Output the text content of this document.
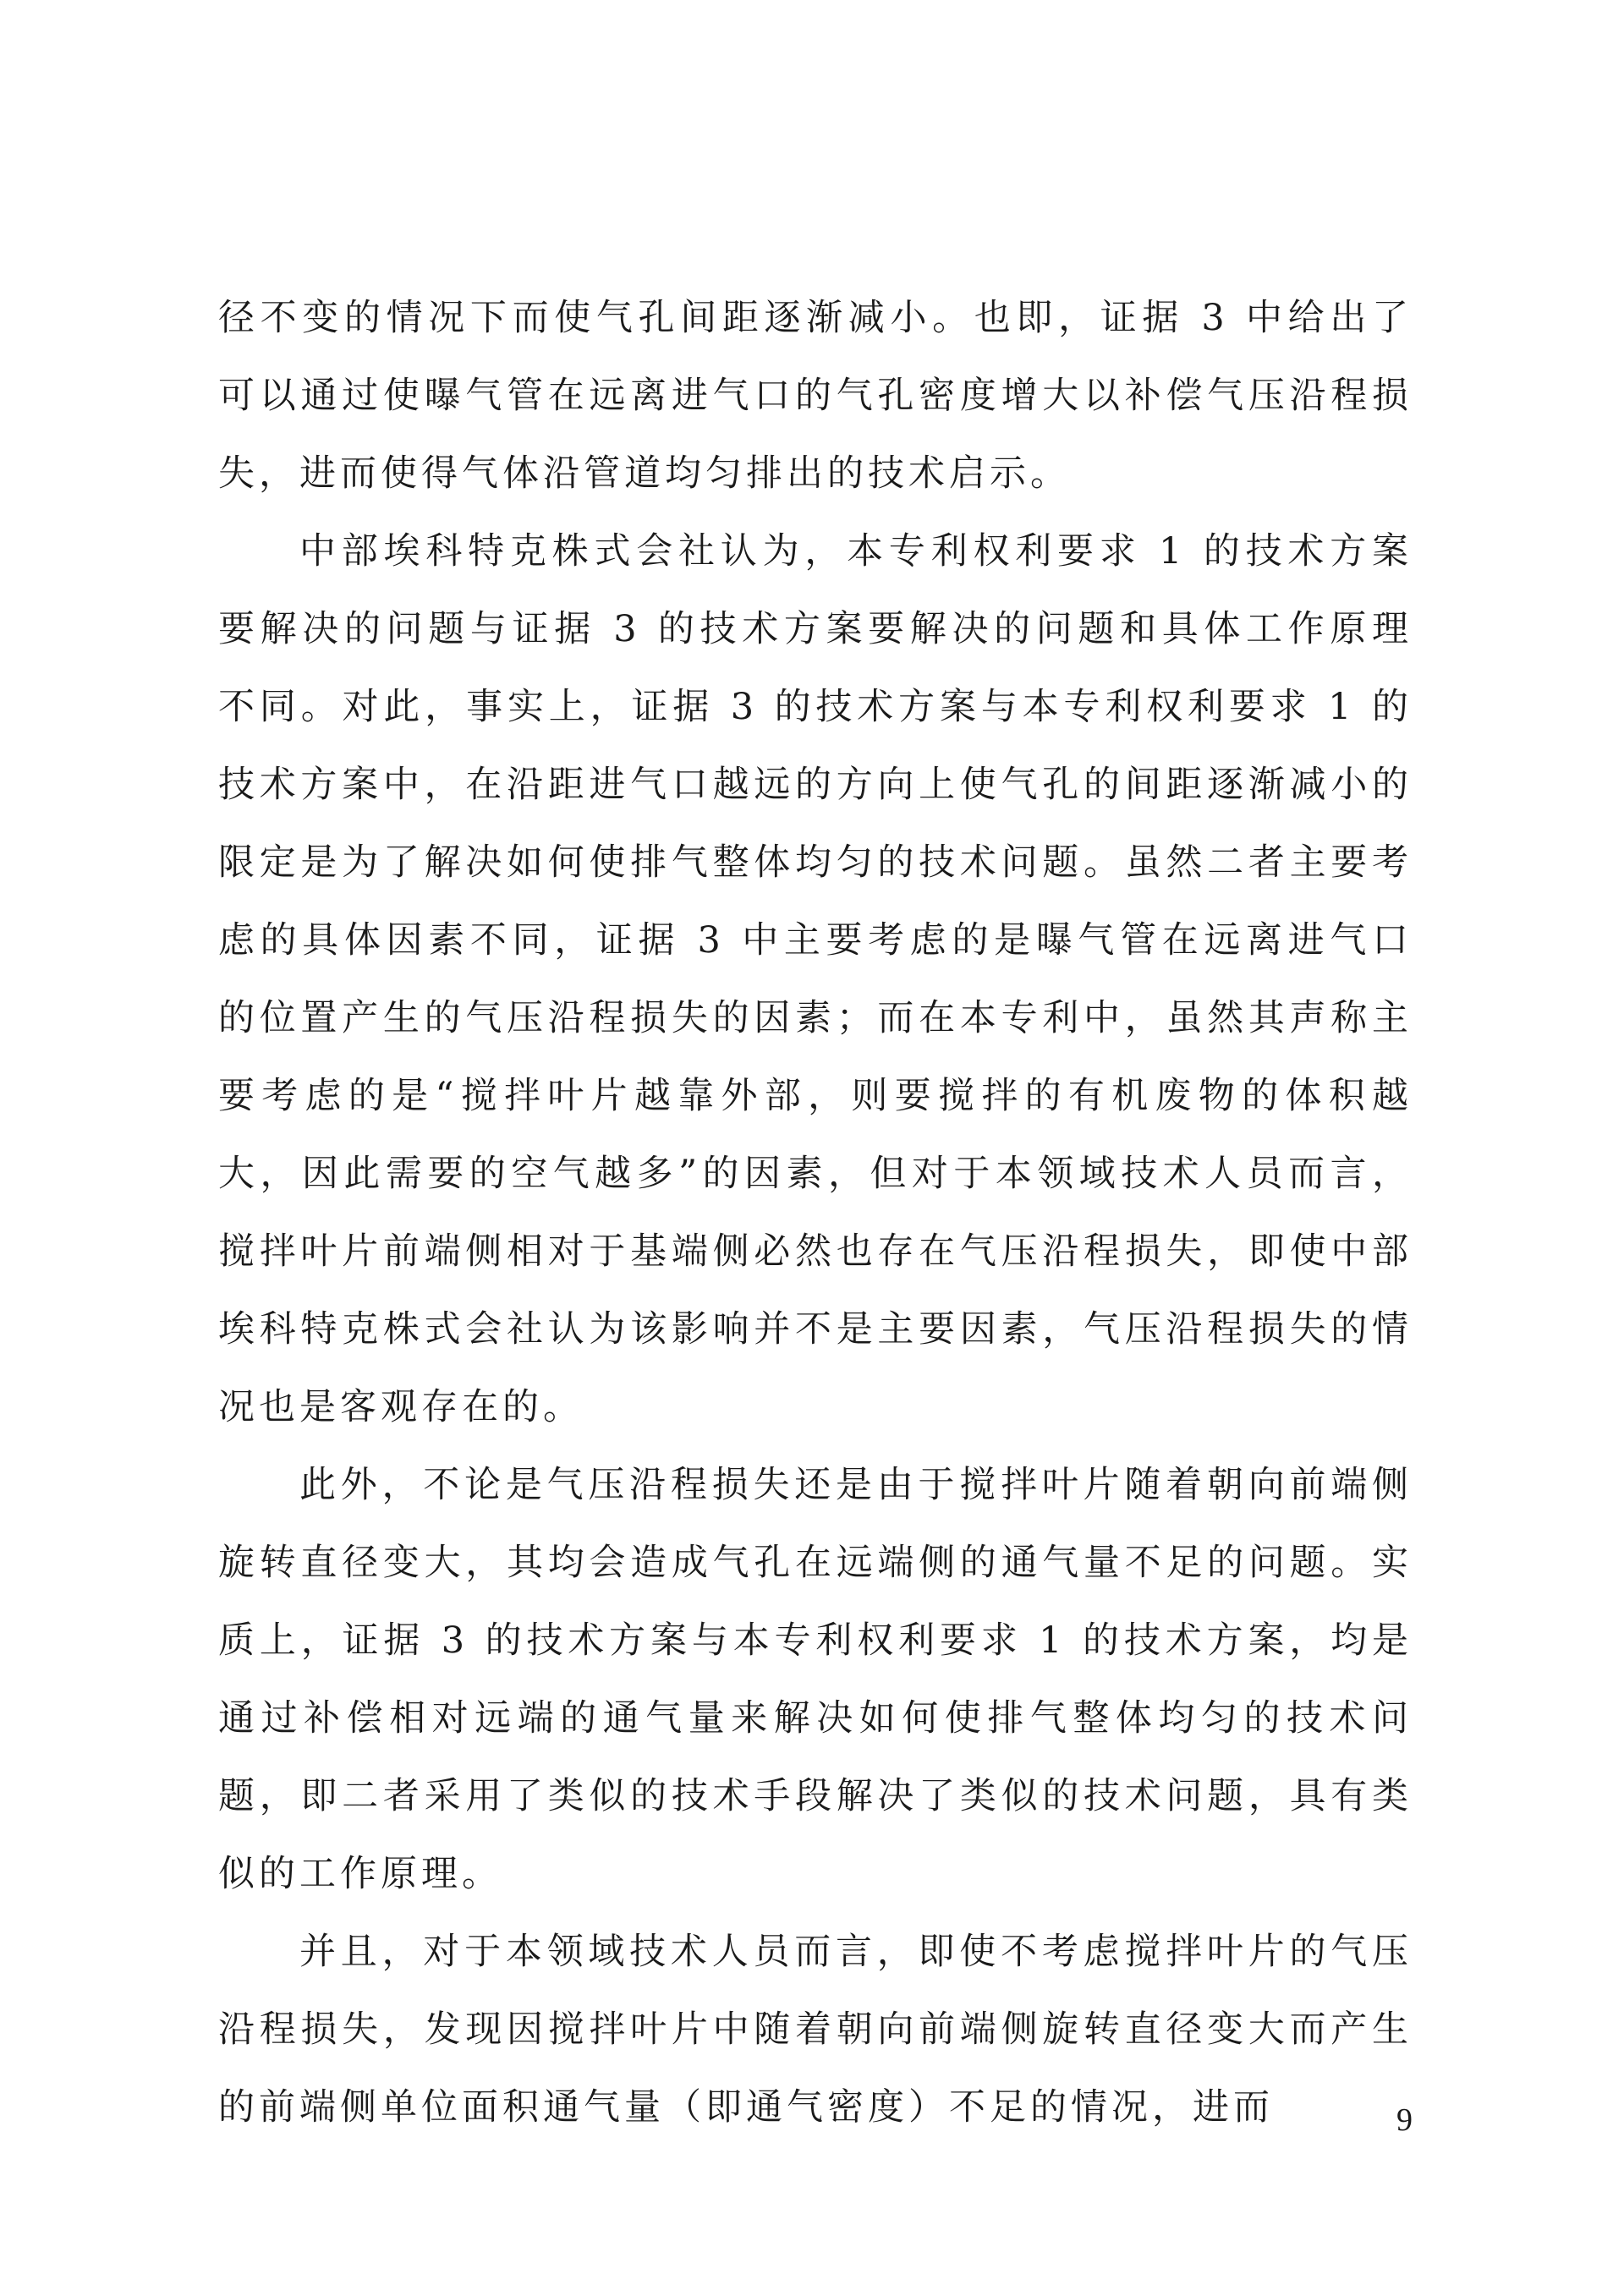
径不变的情况下而使气孔间距逐渐减小。也即，证据 3 中给出了可以通过使曝气管在远离进气口的气孔密度增大以补偿气压沿程损失，进而使得气体沿管道均匀排出的技术启示。

中部埃科特克株式会社认为，本专利权利要求 1 的技术方案要解决的问题与证据 3 的技术方案要解决的问题和具体工作原理不同。对此，事实上，证据 3 的技术方案与本专利权利要求 1 的技术方案中，在沿距进气口越远的方向上使气孔的间距逐渐减小的限定是为了解决如何使排气整体均匀的技术问题。虽然二者主要考虑的具体因素不同，证据 3 中主要考虑的是曝气管在远离进气口的位置产生的气压沿程损失的因素；而在本专利中，虽然其声称主要考虑的是“搅拌叶片越靠外部，则要搅拌的有机废物的体积越大，因此需要的空气越多”的因素，但对于本领域技术人员而言，搅拌叶片前端侧相对于基端侧必然也存在气压沿程损失，即使中部埃科特克株式会社认为该影响并不是主要因素，气压沿程损失的情况也是客观存在的。

此外，不论是气压沿程损失还是由于搅拌叶片随着朝向前端侧旋转直径变大，其均会造成气孔在远端侧的通气量不足的问题。实质上，证据 3 的技术方案与本专利权利要求 1 的技术方案，均是通过补偿相对远端的通气量来解决如何使排气整体均匀的技术问题，即二者采用了类似的技术手段解决了类似的技术问题，具有类似的工作原理。

并且，对于本领域技术人员而言，即使不考虑搅拌叶片的气压沿程损失，发现因搅拌叶片中随着朝向前端侧旋转直径变大而产生的前端侧单位面积通气量（即通气密度）不足的情况，进而	9
